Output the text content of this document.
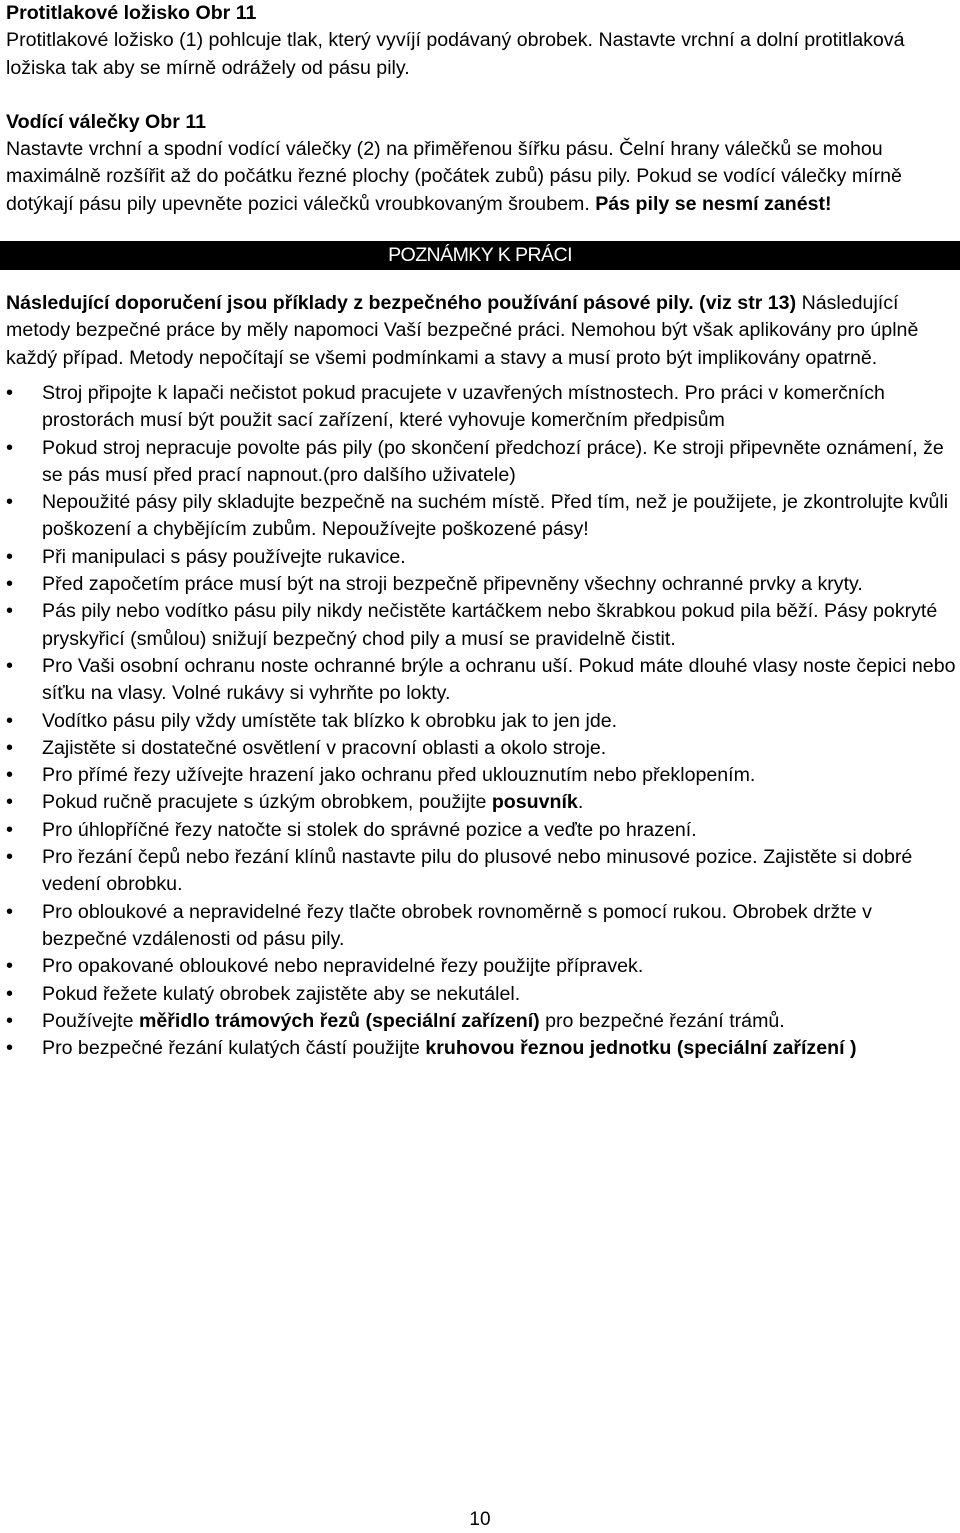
Protitlakové ložisko Obr 11

Protitlakové ložisko (1) pohlcuje tlak, který vyvíjí podávaný obrobek. Nastavte vrchní a dolní protitlaková ložiska tak aby se mírně odrážely od pásu pily.

Vodící válečky Obr 11

Nastavte vrchní a spodní vodící válečky (2) na přiměřenou šířku pásu. Čelní hrany válečků se mohou maximálně rozšířit až do počátku řezné plochy (počátek zubů) pásu pily. Pokud se vodící válečky mírně dotýkají pásu pily upevněte pozici válečků vroubkovaným šroubem. Pás pily se nesmí zanést!

POZNÁMKY K PRÁCI

Následující doporučení jsou příklady z bezpečného používání pásové pily. (viz str 13) Následující metody bezpečné práce by měly napomoci Vaší bezpečné práci. Nemohou být však aplikovány pro úplně každý případ. Metody nepočítají se všemi podmínkami a stavy a musí proto být implikovány opatrně.

• Stroj připojte k lapači nečistot pokud pracujete v uzavřených místnostech. Pro práci v komerčních prostorách musí být použit sací zařízení, které vyhovuje komerčním předpisům
• Pokud stroj nepracuje povolte pás pily (po skončení předchozí práce). Ke stroji připevněte oznámení, že se pás musí před prací napnout.(pro dalšího uživatele)
• Nepoužité pásy pily skladujte bezpečně na suchém místě. Před tím, než je použijete, je zkontrolujte kvůli poškození a chybějícím zubům. Nepoužívejte poškozené pásy!
• Při manipulaci s pásy používejte rukavice.
• Před započetím práce musí být na stroji bezpečně připevněny všechny ochranné prvky a kryty.
• Pás pily nebo vodítko pásu pily nikdy nečistěte kartáčkem nebo škrabkou pokud pila běží. Pásy pokryté pryskyřicí (smůlou) snižují bezpečný chod pily a musí se pravidelně čistit.
• Pro Vaši osobní ochranu noste ochranné brýle a ochranu uší. Pokud máte dlouhé vlasy noste čepici nebo síťku na vlasy. Volné rukávy si vyhrňte po lokty.
• Vodítko pásu pily vždy umístěte tak blízko k obrobku jak to jen jde.
• Zajistěte si dostatečné osvětlení v pracovní oblasti a okolo stroje.
• Pro přímé řezy užívejte hrazení jako ochranu před uklouznutím nebo překlopením.
• Pokud ručně pracujete s úzkým obrobkem, použijte posuvník.
• Pro úhlopříčné řezy natočte si stolek do správné pozice a veďte po hrazení.
• Pro řezání čepů nebo řezání klínů nastavte pilu do plusové nebo minusové pozice. Zajistěte si dobré vedení obrobku.
• Pro obloukové a nepravidelné řezy tlačte obrobek rovnoměrně s pomocí rukou. Obrobek držte v bezpečné vzdálenosti od pásu pily.
• Pro opakované obloukové nebo nepravidelné řezy použijte přípravek.
• Pokud řežete kulatý obrobek zajistěte aby se nekutálel.
• Používejte měřidlo trámových řezů (speciální zařízení) pro bezpečné řezání trámů.
• Pro bezpečné řezání kulatých částí použijte kruhovou řeznou jednotku (speciální zařízení )
10
